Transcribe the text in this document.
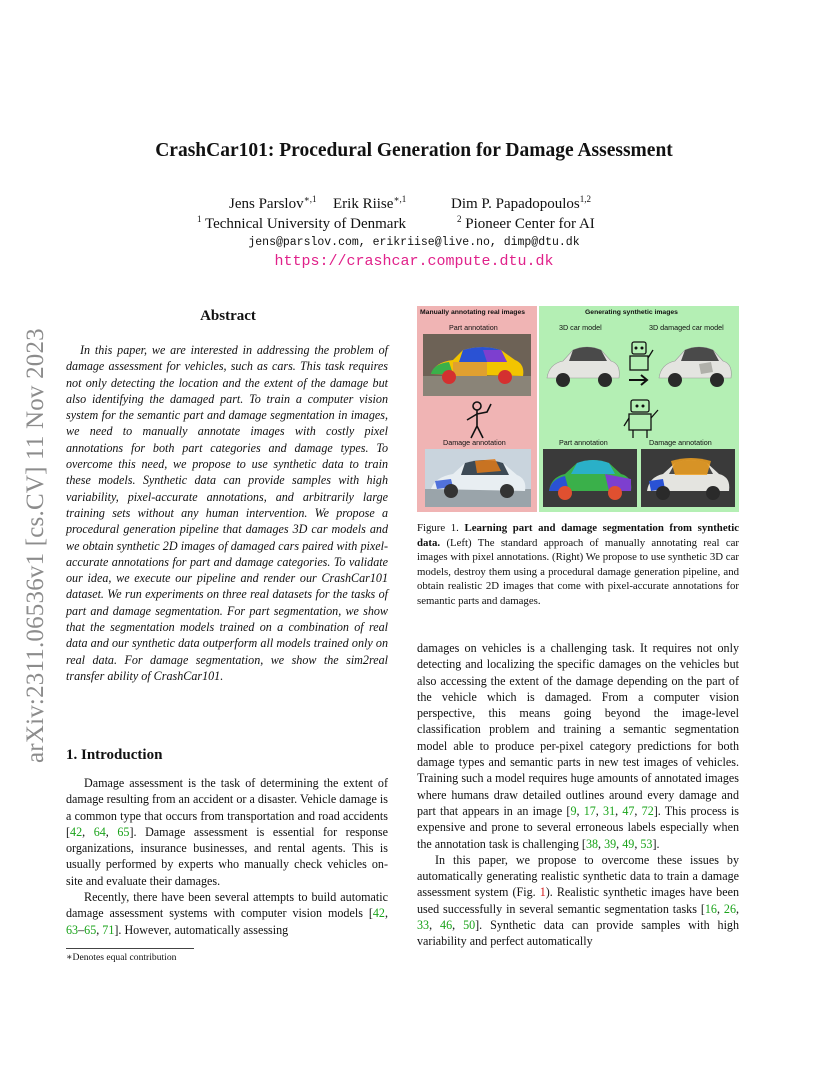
arXiv:2311.06536v1 [cs.CV] 11 Nov 2023
CrashCar101: Procedural Generation for Damage Assessment
Jens Parslov$^{∗,1}$ Erik Riise$^{∗,1}$	Dim P. Papadopoulos$^{1,2}$
$^1$ Technical University of Denmark	$^2$ Pioneer Center for AI
jens@parslov.com, erikriise@live.no, dimp@dtu.dk
https://crashcar.compute.dtu.dk
Abstract
In this paper, we are interested in addressing the problem of damage assessment for vehicles, such as cars. This task requires not only detecting the location and the extent of the damage but also identifying the damaged part. To train a computer vision system for the semantic part and damage segmentation in images, we need to manually annotate images with costly pixel annotations for both part categories and damage types. To overcome this need, we propose to use synthetic data to train these models. Synthetic data can provide samples with high variability, pixel-accurate annotations, and arbitrarily large training sets without any human intervention. We propose a procedural generation pipeline that damages 3D car models and we obtain synthetic 2D images of damaged cars paired with pixel-accurate annotations for part and damage categories. To validate our idea, we execute our pipeline and render our CrashCar101 dataset. We run experiments on three real datasets for the tasks of part and damage segmentation. For part segmentation, we show that the segmentation models trained on a combination of real data and our synthetic data outperform all models trained only on real data. For damage segmentation, we show the sim2real transfer ability of CrashCar101.
1. Introduction

Damage assessment is the task of determining the extent of damage resulting from an accident or a disaster. Vehicle damage is a common type that occurs from transportation and road accidents [42, 64, 65]. Damage assessment is essential for response organizations, insurance businesses, and rental agents. This is usually performed by experts who manually check vehicles on-site and evaluate their damages.

Recently, there have been several attempts to build automatic damage assessment systems with computer vision models [42, 63–65, 71]. However, automatically assessing

∗Denotes equal contribution
Manually annotating real images
Part annotation
Damage annotation
Generating synthetic images
3D car model	3D damaged car model
Part annotation	Damage annotation
Figure 1. Learning part and damage segmentation from synthetic data. (Left) The standard approach of manually annotating real car images with pixel annotations. (Right) We propose to use synthetic 3D car models, destroy them using a procedural damage generation pipeline, and obtain realistic 2D images that come with pixel-accurate annotations for semantic parts and damages.

damages on vehicles is a challenging task. It requires not only detecting and localizing the specific damages on the vehicles but also accessing the extent of the damage depending on the part of the vehicle which is damaged. From a computer vision perspective, this means going beyond the image-level classification problem and training a semantic segmentation model able to produce per-pixel category predictions for both damage types and semantic parts in new test images of vehicles. Training such a model requires huge amounts of annotated images where humans draw detailed outlines around every damage and part that appears in an image [9, 17, 31, 47, 72]. This process is expensive and prone to several erroneous labels especially when the annotation task is challenging [38, 39, 49, 53].

In this paper, we propose to overcome these issues by automatically generating realistic synthetic data to train a damage assessment system (Fig. 1). Realistic synthetic images have been used successfully in several semantic segmentation tasks [16, 26, 33, 46, 50]. Synthetic data can provide samples with high variability and perfect automatically
